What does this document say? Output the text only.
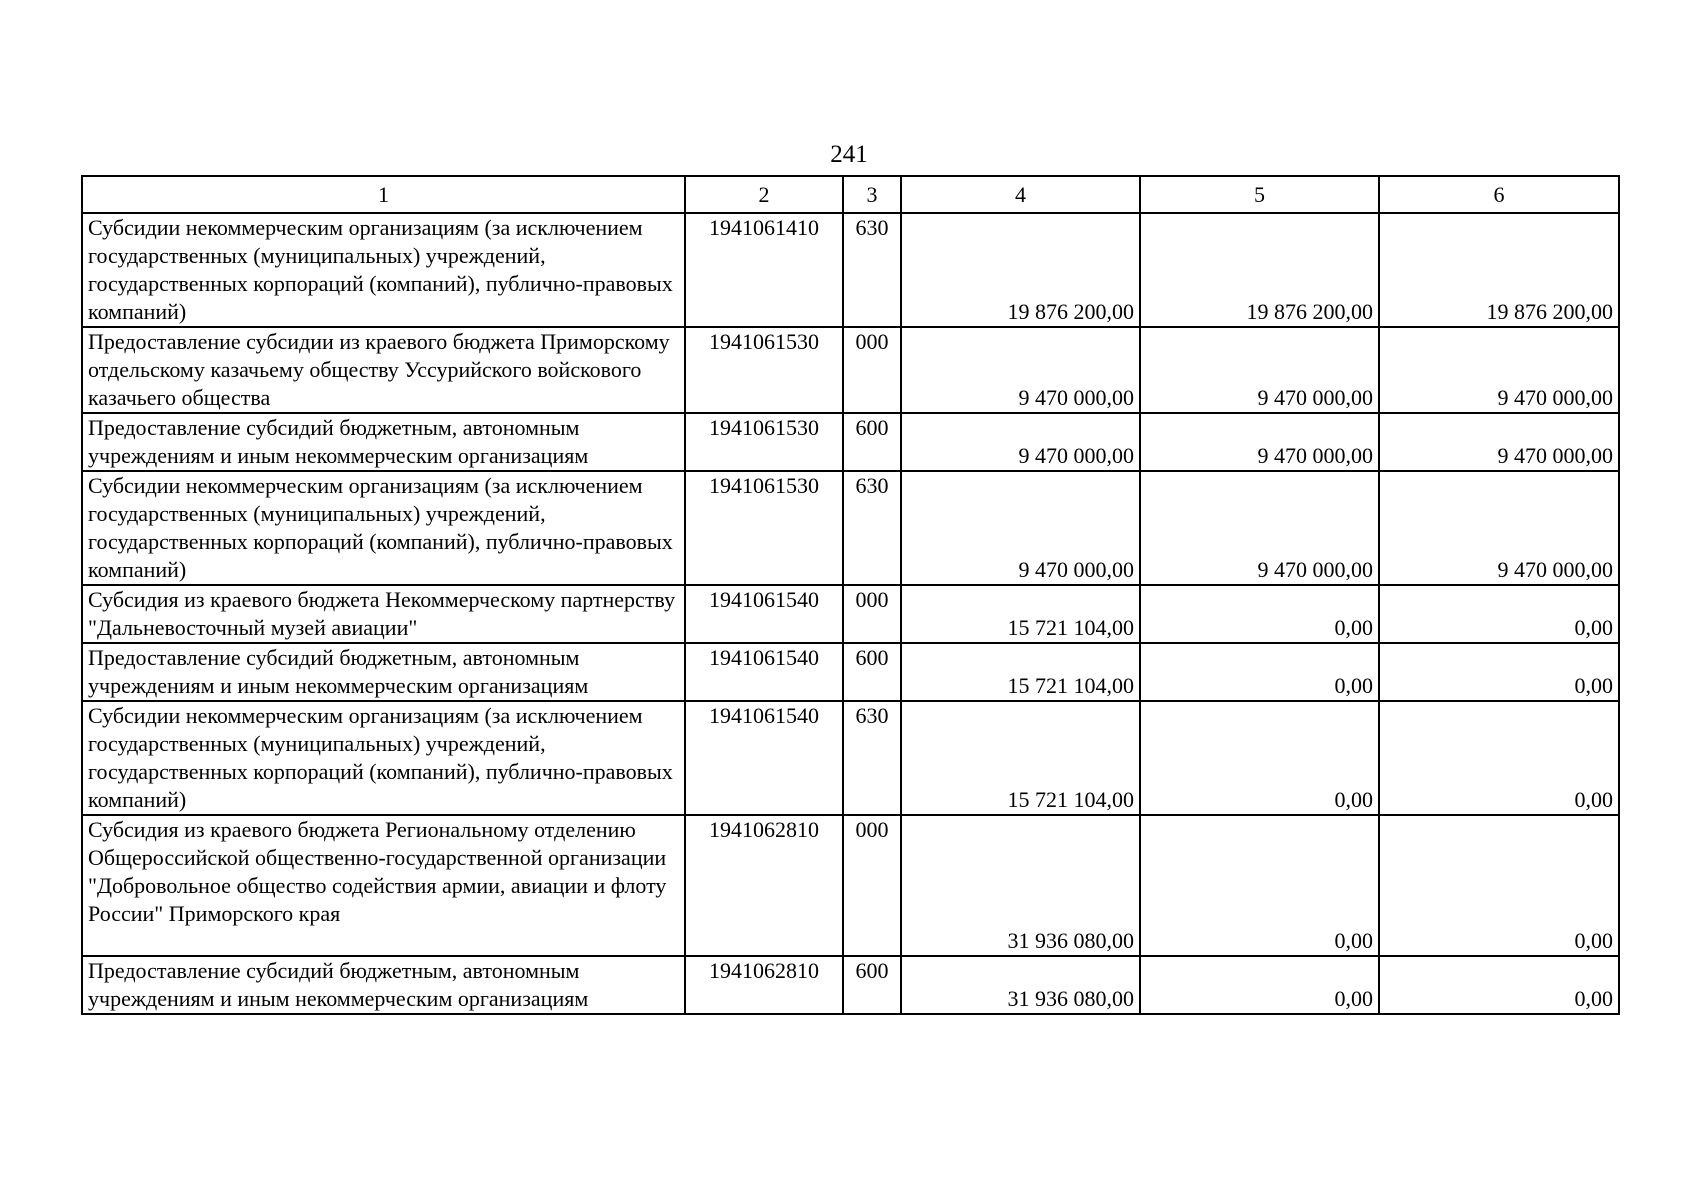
241
1	2	3	4	5	6
Субсидии некоммерческим организациям (за исключением государственных (муниципальных) учреждений, государственных корпораций (компаний), публично-правовых компаний)	1941061410	630	19 876 200,00	19 876 200,00	19 876 200,00
Предоставление субсидии из краевого бюджета Приморскому отдельскому казачьему обществу Уссурийского войскового казачьего общества	1941061530	000	9 470 000,00	9 470 000,00	9 470 000,00
Предоставление субсидий бюджетным, автономным учреждениям и иным некоммерческим организациям	1941061530	600	9 470 000,00	9 470 000,00	9 470 000,00
Субсидии некоммерческим организациям (за исключением государственных (муниципальных) учреждений, государственных корпораций (компаний), публично-правовых компаний)	1941061530	630	9 470 000,00	9 470 000,00	9 470 000,00
Субсидия из краевого бюджета Некоммерческому партнерству "Дальневосточный музей авиации"	1941061540	000	15 721 104,00	0,00	0,00
Предоставление субсидий бюджетным, автономным учреждениям и иным некоммерческим организациям	1941061540	600	15 721 104,00	0,00	0,00
Субсидии некоммерческим организациям (за исключением государственных (муниципальных) учреждений, государственных корпораций (компаний), публично-правовых компаний)	1941061540	630	15 721 104,00	0,00	0,00
Субсидия из краевого бюджета Региональному отделению Общероссийской общественно-государственной организации "Добровольное общество содействия армии, авиации и флоту России" Приморского края	1941062810	000	31 936 080,00	0,00	0,00
Предоставление субсидий бюджетным, автономным учреждениям и иным некоммерческим организациям	1941062810	600	31 936 080,00	0,00	0,00
